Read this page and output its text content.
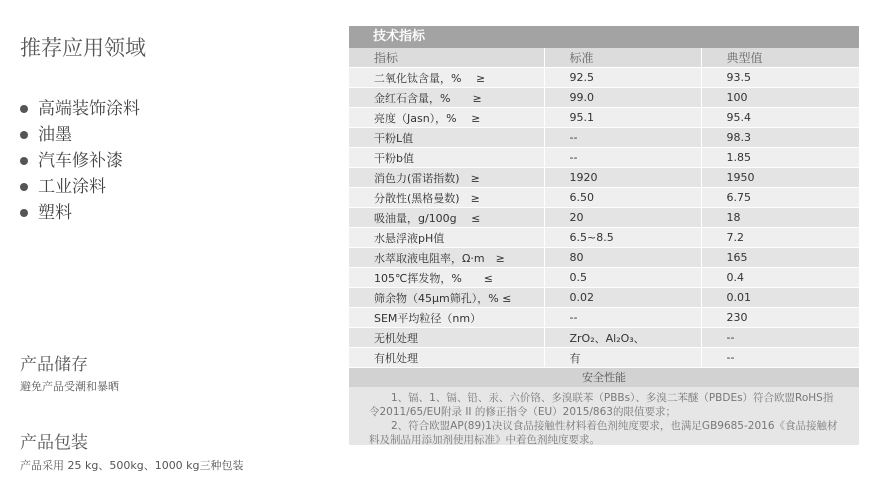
推荐应用领域
高端装饰涂料
油墨
汽车修补漆
工业涂料
塑料
产品储存

避免产品受潮和暴晒

产品包装

产品采用 25 kg、500kg、1000 kg三种包装

技术指标
指标	标准	典型值
二氧化钛含量，%　 ≥	92.5	93.5
金红石含量，%　　≥	99.0	100
亮度（Jasn），%　 ≥	95.1	95.4
干粉L值	--	98.3
干粉b值	--	1.85
消色力(雷诺指数)　≥	1920	1950
分散性(黑格曼数)　≥	6.50	6.75
吸油量，g/100g　 ≤	20	18
水悬浮液pH值	6.5~8.5	7.2
水萃取液电阻率，Ω·m　≥	80	165
105℃挥发物，%　　≤	0.5	0.4
筛余物（45μm筛孔），% ≤	0.02	0.01
SEM平均粒径（nm）	--	230
无机处理	ZrO₂、Al₂O₃、	--
有机处理	有	--
安全性能

1、镉、1、镉、铅、汞、六价铬、多溴联苯（PBBs）、多溴二苯醚（PBDEs）符合欧盟RoHS指令2011/65/EU附录 II 的修正指令（EU）2015/863的限值要求；

2、符合欧盟AP(89)1决议食品接触性材料着色剂纯度要求，也满足GB9685-2016《食品接触材料及制品用添加剂使用标准》中着色剂纯度要求。
